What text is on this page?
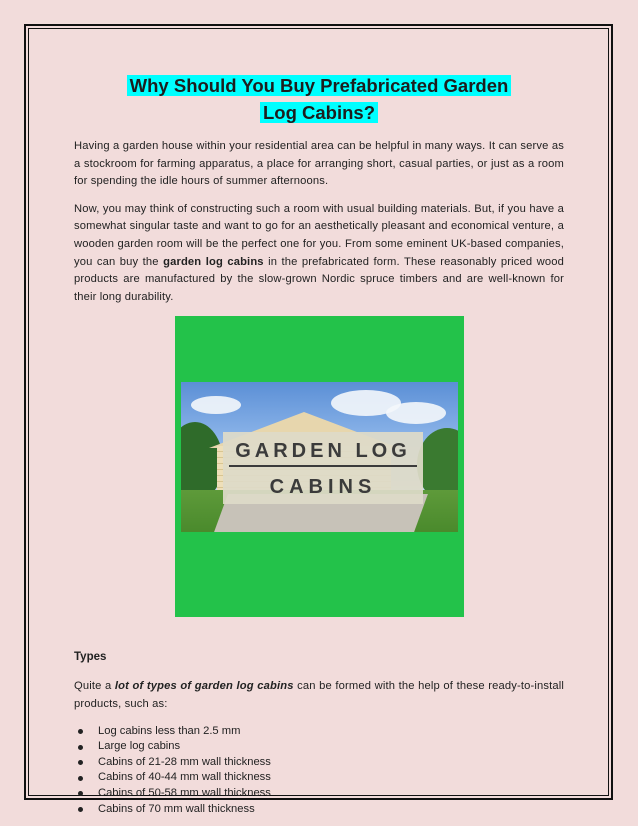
Why Should You Buy Prefabricated Garden
Log Cabins?

Having a garden house within your residential area can be helpful in many ways. It can serve as a stockroom for farming apparatus, a place for arranging short, casual parties, or just as a room for spending the idle hours of summer afternoons.

Now, you may think of constructing such a room with usual building materials. But, if you have a somewhat singular taste and want to go for an aesthetically pleasant and economical venture, a wooden garden room will be the perfect one for you. From some eminent UK-based companies, you can buy the garden log cabins in the prefabricated form. These reasonably priced wood products are manufactured by the slow-grown Nordic spruce timbers and are well-known for their long durability.

GARDEN LOG
CABINS
Types

Quite a lot of types of garden log cabins can be formed with the help of these ready-to-install products, such as:

Log cabins less than 2.5 mm
Large log cabins
Cabins of 21-28 mm wall thickness
Cabins of 40-44 mm wall thickness
Cabins of 50-58 mm wall thickness
Cabins of 70 mm wall thickness
